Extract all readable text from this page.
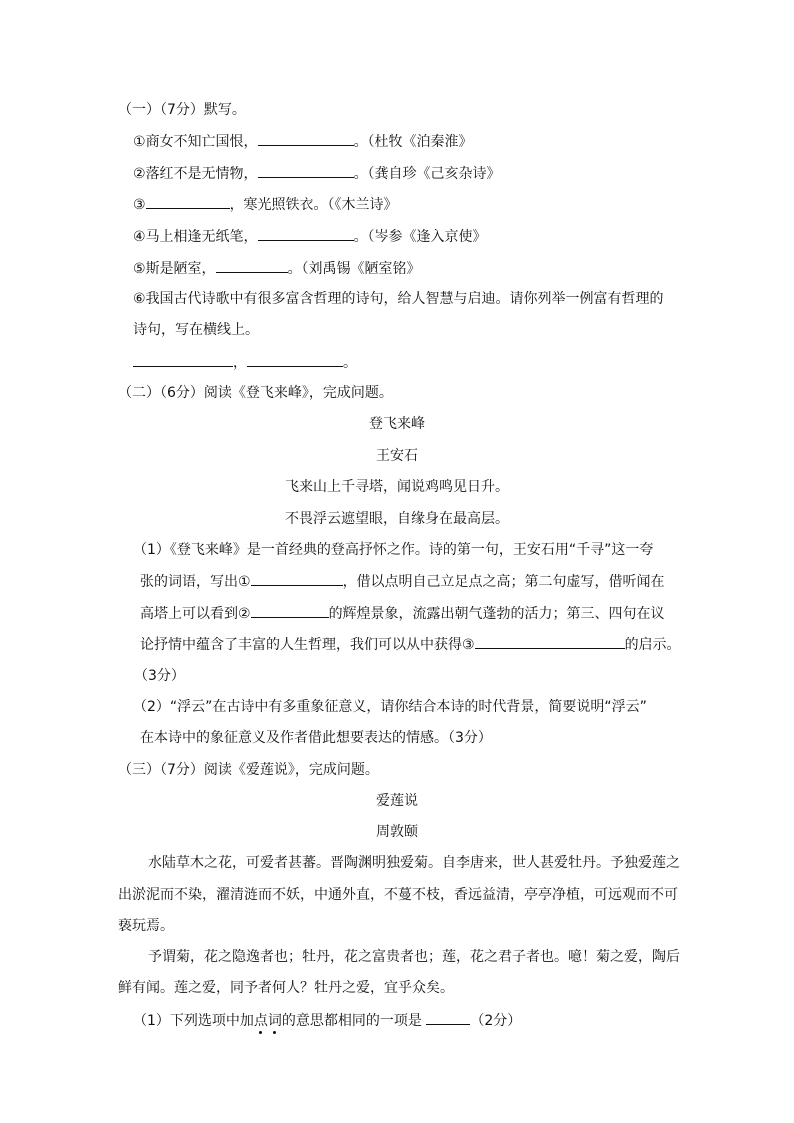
（一）（7分）默写。
①商女不知亡国恨，	。（杜牧《泊秦淮》
②落红不是无情物，	。（龚自珍《己亥杂诗》
③	，寒光照铁衣。（《木兰诗》
④马上相逢无纸笔，	。（岑参《逢入京使》
⑤斯是陋室，	。（刘禹锡《陋室铭》
⑥我国古代诗歌中有很多富含哲理的诗句，给人智慧与启迪。请你列举一例富有哲理的
诗句，写在横线上。
，	。
（二）（6分）阅读《登飞来峰》，完成问题。
登飞来峰
王安石
飞来山上千寻塔，闻说鸡鸣见日升。
不畏浮云遮望眼，自缘身在最高层。
（1）《登飞来峰》是一首经典的登高抒怀之作。诗的第一句，王安石用“千寻”这一夸
张的词语，写出①	，借以点明自己立足点之高；第二句虚写，借听闻在
高塔上可以看到②	的辉煌景象，流露出朝气蓬勃的活力；第三、四句在议
论抒情中蕴含了丰富的人生哲理，我们可以从中获得③	的启示。
（3分）
（2）“浮云”在古诗中有多重象征意义，请你结合本诗的时代背景，简要说明“浮云”
在本诗中的象征意义及作者借此想要表达的情感。（3分）
（三）（7分）阅读《爱莲说》，完成问题。
爱莲说
周敦颐
水陆草木之花，可爱者甚蕃。晋陶渊明独爱菊。自李唐来，世人甚爱牡丹。予独爱莲之
出淤泥而不染，濯清涟而不妖，中通外直，不蔓不枝，香远益清，亭亭净植，可远观而不可
亵玩焉。
予谓菊，花之隐逸者也；牡丹，花之富贵者也；莲，花之君子者也。噫！菊之爱，陶后
鲜有闻。莲之爱，同予者何人？牡丹之爱，宜乎众矣。
（1）下列选项中加点词的意思都相同的一项是	（2分）
